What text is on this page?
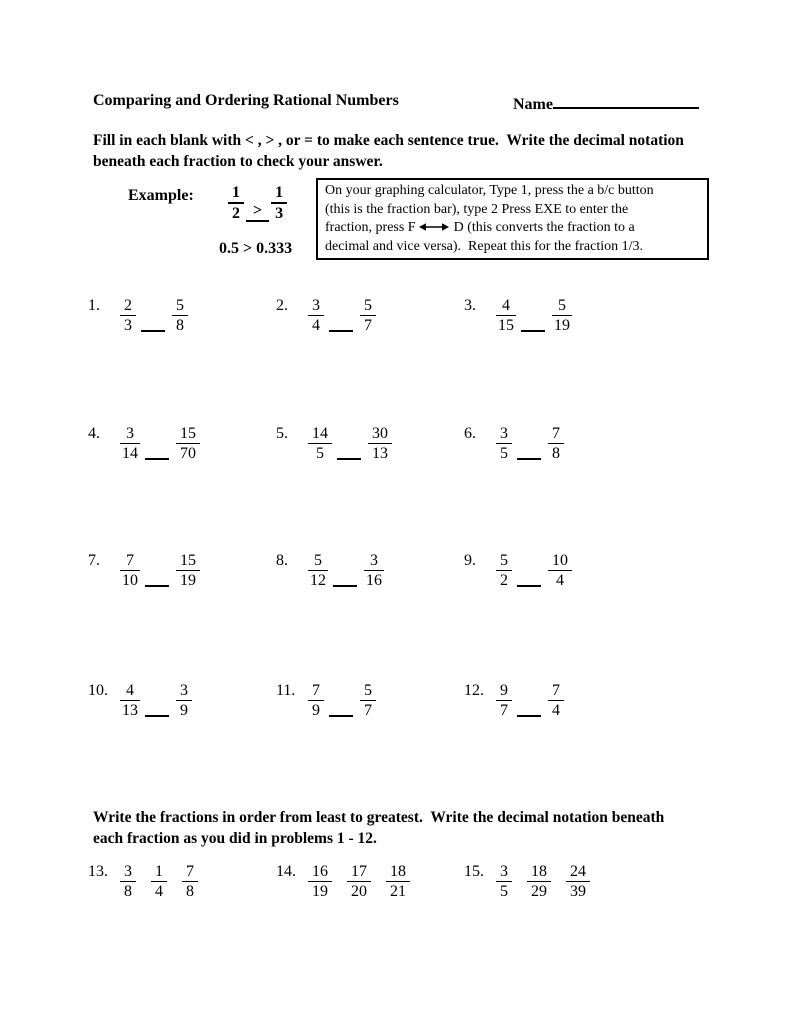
Comparing and Ordering Rational Numbers	Name
Fill in each blank with < , > , or = to make each sentence true.  Write the decimal notation
beneath each fraction to check your answer.
Example: $\frac{1}{2} > \frac{1}{3}$
0.5 > 0.333
On your graphing calculator, Type 1, press the a b/c button
(this is the fraction bar), type 2 Press EXE to enter the
fraction, press F	D (this converts the fraction to a
decimal and vice versa).  Repeat this for the fraction 1/3.
1.	$\frac{2}{3} \frac{5}{8}$	2.	$\frac{3}{4} \frac{5}{7}$	3.	$\frac{4}{15} \frac{5}{19}$
4.	$\frac{3}{14} \frac{15}{70}$	5.	$\frac{14}{5} \frac{30}{13}$	6.	$\frac{3}{5} \frac{7}{8}$
7.	$\frac{7}{10} \frac{15}{19}$	8.	$\frac{5}{12} \frac{3}{16}$	9.	$\frac{5}{2} \frac{10}{4}$
10. $\frac{4}{13} \frac{3}{9}$	11. $\frac{7}{9} \frac{5}{7}$	12. $\frac{9}{7} \frac{7}{4}$
Write the fractions in order from least to greatest.  Write the decimal notation beneath
each fraction as you did in problems 1 - 12.
13. $\frac{3}{8} \frac{1}{4} \frac{7}{8}$	14. $\frac{16}{19} \frac{17}{20} \frac{18}{21}$	15. $\frac{3}{5} \frac{18}{29} \frac{24}{39}$
